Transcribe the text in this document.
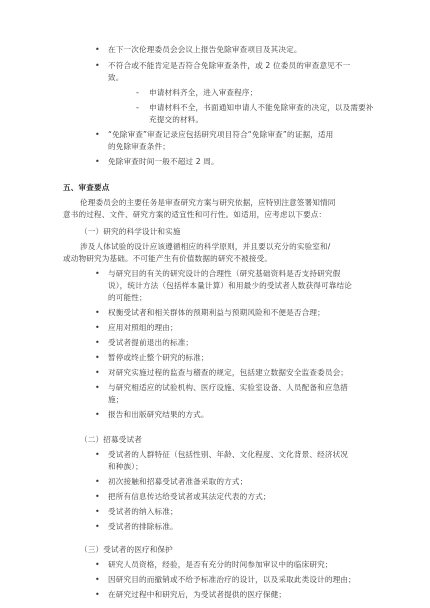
• 在下一次伦理委员会会议上报告免除审查项目及其决定。
• 不符合或不能肯定是否符合免除审查条件，或 2 位委员的审查意见不一
致。
- 申请材料齐全，进入审查程序；
- 申请材料不全，书面通知申请人不能免除审查的决定，以及需要补
充提交的材料。
• “免除审查”审查记录应包括研究项目符合“免除审查”的证据，适用
的免除审查条件；
• 免除审查时间一般不超过 2 周。
五、审查要点
伦理委员会的主要任务是审查研究方案与研究依据，应特别注意签署知情同
意书的过程、文件、研究方案的适宜性和可行性。如适用，应考虑以下要点：
（一）研究的科学设计和实施
涉及人体试验的设计应该遵循相应的科学原则，并且要以充分的实验室和/
或动物研究为基础。不可能产生有价值数据的研究不被接受。
• 与研究目的有关的研究设计的合理性（研究基础资料是否支持研究假
说），统计方法（包括样本量计算）和用最少的受试者人数获得可靠结论
的可能性；
• 权衡受试者和相关群体的预期利益与预期风险和不便是否合理；
• 应用对照组的理由；
• 受试者提前退出的标准；
• 暂停或终止整个研究的标准；
• 对研究实施过程的监查与稽查的规定，包括建立数据安全监查委员会；
• 与研究相适应的试验机构、医疗设施、实验室设备、人员配备和应急措
施；
• 报告和出版研究结果的方式。
（二）招募受试者
• 受试者的人群特征（包括性别、年龄、文化程度、文化背景、经济状况
和种族）；
• 初次接触和招募受试者准备采取的方式；
• 把所有信息传达给受试者或其法定代表的方式；
• 受试者的纳入标准；
• 受试者的排除标准。
（三）受试者的医疗和保护
• 研究人员资格，经验，是否有充分的时间参加审议中的临床研究；
• 因研究目的而撤销或不给予标准治疗的设计，以及采取此类设计的理由；
• 在研究过程中和研究后，为受试者提供的医疗保健；
